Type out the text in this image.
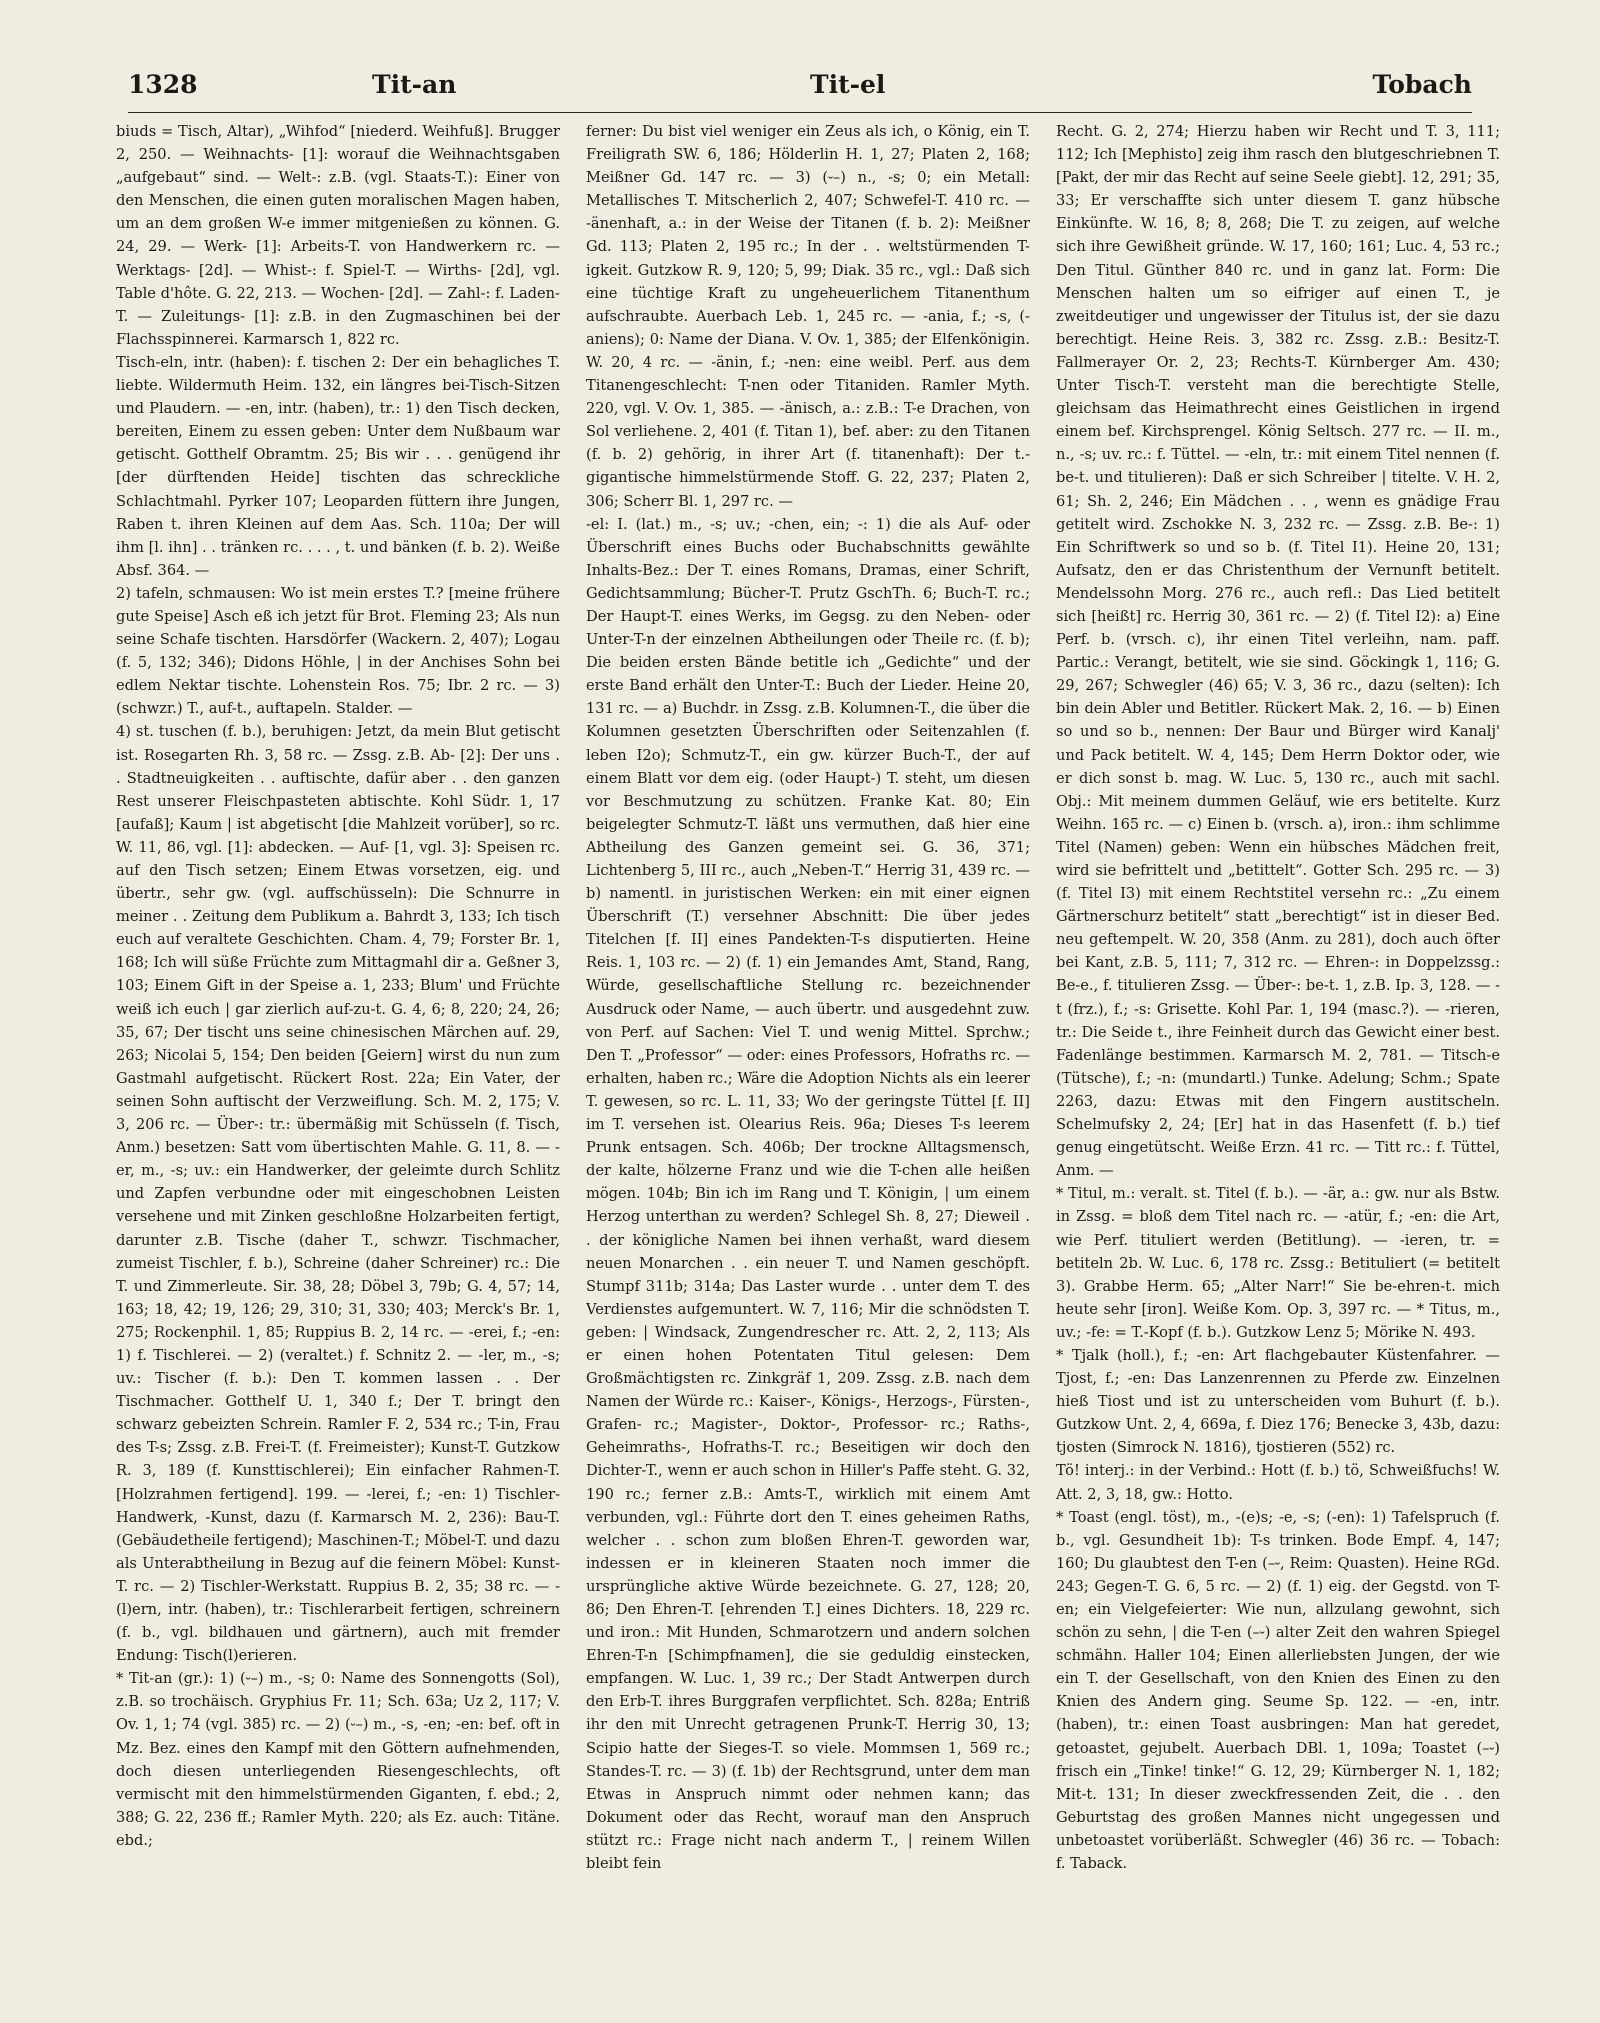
1328	Tit-an	Tit-el	Tobach

biuds = Tisch, Altar), „Wihfod“ [niederd. Weihfuß]. Brugger 2, 250. — Weihnachts- [1]: worauf die Weihnachtsgaben „aufgebaut“ sind. — Welt-: z.B. (vgl. Staats-T.): Einer von den Menschen, die einen guten moralischen Magen haben, um an dem großen W-e immer mitgenießen zu können. G. 24, 29. — Werk- [1]: Arbeits-T. von Handwerkern rc. — Werktags- [2d]. — Whist-: f. Spiel-T. — Wirths- [2d], vgl. Table d'hôte. G. 22, 213. — Wochen- [2d]. — Zahl-: f. Laden-T. — Zuleitungs- [1]: z.B. in den Zugmaschinen bei der Flachsspinnerei. Karmarsch 1, 822 rc.

Tisch-eln, intr. (haben): f. tischen 2: Der ein behagliches T. liebte. Wildermuth Heim. 132, ein längres bei-Tisch-Sitzen und Plaudern. — -en, intr. (haben), tr.: 1) den Tisch decken, bereiten, Einem zu essen geben: Unter dem Nußbaum war getischt. Gotthelf Obramtm. 25; Bis wir . . . genügend ihr [der dürftenden Heide] tischten das schreckliche Schlachtmahl. Pyrker 107; Leoparden füttern ihre Jungen, Raben t. ihren Kleinen auf dem Aas. Sch. 110a; Der will ihm [l. ihn] . . tränken rc. . . . , t. und bänken (f. b. 2). Weiße Absf. 364. —

2) tafeln, schmausen: Wo ist mein erstes T.? [meine frühere gute Speise] Asch eß ich jetzt für Brot. Fleming 23; Als nun seine Schafe tischten. Harsdörfer (Wackern. 2, 407); Logau (f. 5, 132; 346); Didons Höhle, | in der Anchises Sohn bei edlem Nektar tischte. Lohenstein Ros. 75; Ibr. 2 rc. — 3) (schwzr.) T., auf-t., auftapeln. Stalder. —

4) st. tuschen (f. b.), beruhigen: Jetzt, da mein Blut getischt ist. Rosegarten Rh. 3, 58 rc. — Zssg. z.B. Ab- [2]: Der uns . . Stadtneuigkeiten . . auftischte, dafür aber . . den ganzen Rest unserer Fleischpasteten abtischte. Kohl Südr. 1, 17 [aufaß]; Kaum | ist abgetischt [die Mahlzeit vorüber], so rc. W. 11, 86, vgl. [1]: abdecken. — Auf- [1, vgl. 3]: Speisen rc. auf den Tisch setzen; Einem Etwas vorsetzen, eig. und übertr., sehr gw. (vgl. auffschüsseln): Die Schnurre in meiner . . Zeitung dem Publikum a. Bahrdt 3, 133; Ich tisch euch auf veraltete Geschichten. Cham. 4, 79; Forster Br. 1, 168; Ich will süße Früchte zum Mittagmahl dir a. Geßner 3, 103; Einem Gift in der Speise a. 1, 233; Blum' und Früchte weiß ich euch | gar zierlich auf-zu-t. G. 4, 6; 8, 220; 24, 26; 35, 67; Der tischt uns seine chinesischen Märchen auf. 29, 263; Nicolai 5, 154; Den beiden [Geiern] wirst du nun zum Gastmahl aufgetischt. Rückert Rost. 22a; Ein Vater, der seinen Sohn auftischt der Verzweiflung. Sch. M. 2, 175; V. 3, 206 rc. — Über-: tr.: übermäßig mit Schüsseln (f. Tisch, Anm.) besetzen: Satt vom übertischten Mahle. G. 11, 8. — -er, m., -s; uv.: ein Handwerker, der geleimte durch Schlitz und Zapfen verbundne oder mit eingeschobnen Leisten versehene und mit Zinken geschloßne Holzarbeiten fertigt, darunter z.B. Tische (daher T., schwzr. Tischmacher, zumeist Tischler, f. b.), Schreine (daher Schreiner) rc.: Die T. und Zimmerleute. Sir. 38, 28; Döbel 3, 79b; G. 4, 57; 14, 163; 18, 42; 19, 126; 29, 310; 31, 330; 403; Merck's Br. 1, 275; Rockenphil. 1, 85; Ruppius B. 2, 14 rc. — -erei, f.; -en: 1) f. Tischlerei. — 2) (veraltet.) f. Schnitz 2. — -ler, m., -s; uv.: Tischer (f. b.): Den T. kommen lassen . . Der Tischmacher. Gotthelf U. 1, 340 f.; Der T. bringt den schwarz gebeizten Schrein. Ramler F. 2, 534 rc.; T-in, Frau des T-s; Zssg. z.B. Frei-T. (f. Freimeister); Kunst-T. Gutzkow R. 3, 189 (f. Kunsttischlerei); Ein einfacher Rahmen-T. [Holzrahmen fertigend]. 199. — -lerei, f.; -en: 1) Tischler-Handwerk, -Kunst, dazu (f. Karmarsch M. 2, 236): Bau-T. (Gebäudetheile fertigend); Maschinen-T.; Möbel-T. und dazu als Unterabtheilung in Bezug auf die feinern Möbel: Kunst-T. rc. — 2) Tischler-Werkstatt. Ruppius B. 2, 35; 38 rc. — -(l)ern, intr. (haben), tr.: Tischlerarbeit fertigen, schreinern (f. b., vgl. bildhauen und gärtnern), auch mit fremder Endung: Tisch(l)erieren.

* Tit-an (gr.): 1) (⏑–) m., -s; 0: Name des Sonnengotts (Sol), z.B. so trochäisch. Gryphius Fr. 11; Sch. 63a; Uz 2, 117; V. Ov. 1, 1; 74 (vgl. 385) rc. — 2) (⏑–) m., -s, -en; -en: bef. oft in Mz. Bez. eines den Kampf mit den Göttern aufnehmenden, doch diesen unterliegenden Riesengeschlechts, oft vermischt mit den himmelstürmenden Giganten, f. ebd.; 2, 388; G. 22, 236 ff.; Ramler Myth. 220; als Ez. auch: Titäne. ebd.;

ferner: Du bist viel weniger ein Zeus als ich, o König, ein T. Freiligrath SW. 6, 186; Hölderlin H. 1, 27; Platen 2, 168; Meißner Gd. 147 rc. — 3) (⏑–) n., -s; 0; ein Metall: Metallisches T. Mitscherlich 2, 407; Schwefel-T. 410 rc. — -änenhaft, a.: in der Weise der Titanen (f. b. 2): Meißner Gd. 113; Platen 2, 195 rc.; In der . . weltstürmenden T-igkeit. Gutzkow R. 9, 120; 5, 99; Diak. 35 rc., vgl.: Daß sich eine tüchtige Kraft zu ungeheuerlichem Titanenthum aufschraubte. Auerbach Leb. 1, 245 rc. — -ania, f.; -s, (-aniens); 0: Name der Diana. V. Ov. 1, 385; der Elfenkönigin. W. 20, 4 rc. — -änin, f.; -nen: eine weibl. Perf. aus dem Titanengeschlecht: T-nen oder Titaniden. Ramler Myth. 220, vgl. V. Ov. 1, 385. — -änisch, a.: z.B.: T-e Drachen, von Sol verliehene. 2, 401 (f. Titan 1), bef. aber: zu den Titanen (f. b. 2) gehörig, in ihrer Art (f. titanenhaft): Der t.-gigantische himmelstürmende Stoff. G. 22, 237; Platen 2, 306; Scherr Bl. 1, 297 rc. —

-el: I. (lat.) m., -s; uv.; -chen, ein; -: 1) die als Auf- oder Überschrift eines Buchs oder Buchabschnitts gewählte Inhalts-Bez.: Der T. eines Romans, Dramas, einer Schrift, Gedichtsammlung; Bücher-T. Prutz GschTh. 6; Buch-T. rc.; Der Haupt-T. eines Werks, im Gegsg. zu den Neben- oder Unter-T-n der einzelnen Abtheilungen oder Theile rc. (f. b); Die beiden ersten Bände betitle ich „Gedichte“ und der erste Band erhält den Unter-T.: Buch der Lieder. Heine 20, 131 rc. — a) Buchdr. in Zssg. z.B. Kolumnen-T., die über die Kolumnen gesetzten Überschriften oder Seitenzahlen (f. leben I2o); Schmutz-T., ein gw. kürzer Buch-T., der auf einem Blatt vor dem eig. (oder Haupt-) T. steht, um diesen vor Beschmutzung zu schützen. Franke Kat. 80; Ein beigelegter Schmutz-T. läßt uns vermuthen, daß hier eine Abtheilung des Ganzen gemeint sei. G. 36, 371; Lichtenberg 5, III rc., auch „Neben-T.“ Herrig 31, 439 rc. — b) namentl. in juristischen Werken: ein mit einer eignen Überschrift (T.) versehner Abschnitt: Die über jedes Titelchen [f. II] eines Pandekten-T-s disputierten. Heine Reis. 1, 103 rc. — 2) (f. 1) ein Jemandes Amt, Stand, Rang, Würde, gesellschaftliche Stellung rc. bezeichnender Ausdruck oder Name, — auch übertr. und ausgedehnt zuw. von Perf. auf Sachen: Viel T. und wenig Mittel. Sprchw.; Den T. „Professor“ — oder: eines Professors, Hofraths rc. — erhalten, haben rc.; Wäre die Adoption Nichts als ein leerer T. gewesen, so rc. L. 11, 33; Wo der geringste Tüttel [f. II] im T. versehen ist. Olearius Reis. 96a; Dieses T-s leerem Prunk entsagen. Sch. 406b; Der trockne Alltagsmensch, der kalte, hölzerne Franz und wie die T-chen alle heißen mögen. 104b; Bin ich im Rang und T. Königin, | um einem Herzog unterthan zu werden? Schlegel Sh. 8, 27; Dieweil . . der königliche Namen bei ihnen verhaßt, ward diesem neuen Monarchen . . ein neuer T. und Namen geschöpft. Stumpf 311b; 314a; Das Laster wurde . . unter dem T. des Verdienstes aufgemuntert. W. 7, 116; Mir die schnödsten T. geben: | Windsack, Zungendrescher rc. Att. 2, 2, 113; Als er einen hohen Potentaten Titul gelesen: Dem Großmächtigsten rc. Zinkgräf 1, 209. Zssg. z.B. nach dem Namen der Würde rc.: Kaiser-, Königs-, Herzogs-, Fürsten-, Grafen- rc.; Magister-, Doktor-, Professor- rc.; Raths-, Geheimraths-, Hofraths-T. rc.; Beseitigen wir doch den Dichter-T., wenn er auch schon in Hiller's Paffe steht. G. 32, 190 rc.; ferner z.B.: Amts-T., wirklich mit einem Amt verbunden, vgl.: Führte dort den T. eines geheimen Raths, welcher . . schon zum bloßen Ehren-T. geworden war, indessen er in kleineren Staaten noch immer die ursprüngliche aktive Würde bezeichnete. G. 27, 128; 20, 86; Den Ehren-T. [ehrenden T.] eines Dichters. 18, 229 rc. und iron.: Mit Hunden, Schmarotzern und andern solchen Ehren-T-n [Schimpfnamen], die sie geduldig einstecken, empfangen. W. Luc. 1, 39 rc.; Der Stadt Antwerpen durch den Erb-T. ihres Burggrafen verpflichtet. Sch. 828a; Entriß ihr den mit Unrecht getragenen Prunk-T. Herrig 30, 13; Scipio hatte der Sieges-T. so viele. Mommsen 1, 569 rc.; Standes-T. rc. — 3) (f. 1b) der Rechtsgrund, unter dem man Etwas in Anspruch nimmt oder nehmen kann; das Dokument oder das Recht, worauf man den Anspruch stützt rc.: Frage nicht nach anderm T., | reinem Willen bleibt fein

Recht. G. 2, 274; Hierzu haben wir Recht und T. 3, 111; 112; Ich [Mephisto] zeig ihm rasch den blutgeschriebnen T. [Pakt, der mir das Recht auf seine Seele giebt]. 12, 291; 35, 33; Er verschaffte sich unter diesem T. ganz hübsche Einkünfte. W. 16, 8; 8, 268; Die T. zu zeigen, auf welche sich ihre Gewißheit gründe. W. 17, 160; 161; Luc. 4, 53 rc.; Den Titul. Günther 840 rc. und in ganz lat. Form: Die Menschen halten um so eifriger auf einen T., je zweitdeutiger und ungewisser der Titulus ist, der sie dazu berechtigt. Heine Reis. 3, 382 rc. Zssg. z.B.: Besitz-T. Fallmerayer Or. 2, 23; Rechts-T. Kürnberger Am. 430; Unter Tisch-T. versteht man die berechtigte Stelle, gleichsam das Heimathrecht eines Geistlichen in irgend einem bef. Kirchsprengel. König Seltsch. 277 rc. — II. m., n., -s; uv. rc.: f. Tüttel. — -eln, tr.: mit einem Titel nennen (f. be-t. und titulieren): Daß er sich Schreiber | titelte. V. H. 2, 61; Sh. 2, 246; Ein Mädchen . . , wenn es gnädige Frau getitelt wird. Zschokke N. 3, 232 rc. — Zssg. z.B. Be-: 1) Ein Schriftwerk so und so b. (f. Titel I1). Heine 20, 131; Aufsatz, den er das Christenthum der Vernunft betitelt. Mendelssohn Morg. 276 rc., auch refl.: Das Lied betitelt sich [heißt] rc. Herrig 30, 361 rc. — 2) (f. Titel I2): a) Eine Perf. b. (vrsch. c), ihr einen Titel verleihn, nam. paff. Partic.: Verangt, betitelt, wie sie sind. Göckingk 1, 116; G. 29, 267; Schwegler (46) 65; V. 3, 36 rc., dazu (selten): Ich bin dein Abler und Betitler. Rückert Mak. 2, 16. — b) Einen so und so b., nennen: Der Baur und Bürger wird Kanalj' und Pack betitelt. W. 4, 145; Dem Herrn Doktor oder, wie er dich sonst b. mag. W. Luc. 5, 130 rc., auch mit sachl. Obj.: Mit meinem dummen Geläuf, wie ers betitelte. Kurz Weihn. 165 rc. — c) Einen b. (vrsch. a), iron.: ihm schlimme Titel (Namen) geben: Wenn ein hübsches Mädchen freit, wird sie befrittelt und „betittelt“. Gotter Sch. 295 rc. — 3) (f. Titel I3) mit einem Rechtstitel versehn rc.: „Zu einem Gärtnerschurz betitelt“ statt „berechtigt“ ist in dieser Bed. neu geftempelt. W. 20, 358 (Anm. zu 281), doch auch öfter bei Kant, z.B. 5, 111; 7, 312 rc. — Ehren-: in Doppelzssg.: Be-e., f. titulieren Zssg. — Über-: be-t. 1, z.B. Ip. 3, 128. — -t (frz.), f.; -s: Grisette. Kohl Par. 1, 194 (masc.?). — -rieren, tr.: Die Seide t., ihre Feinheit durch das Gewicht einer best. Fadenlänge bestimmen. Karmarsch M. 2, 781. — Titsch-e (Tütsche), f.; -n: (mundartl.) Tunke. Adelung; Schm.; Spate 2263, dazu: Etwas mit den Fingern austitscheln. Schelmufsky 2, 24; [Er] hat in das Hasenfett (f. b.) tief genug eingetütscht. Weiße Erzn. 41 rc. — Titt rc.: f. Tüttel, Anm. —

* Titul, m.: veralt. st. Titel (f. b.). — -är, a.: gw. nur als Bstw. in Zssg. = bloß dem Titel nach rc. — -atür, f.; -en: die Art, wie Perf. tituliert werden (Betitlung). — -ieren, tr. = betiteln 2b. W. Luc. 6, 178 rc. Zssg.: Betituliert (= betitelt 3). Grabbe Herm. 65; „Alter Narr!“ Sie be-ehren-t. mich heute sehr [iron]. Weiße Kom. Op. 3, 397 rc. — * Titus, m., uv.; -fe: = T.-Kopf (f. b.). Gutzkow Lenz 5; Mörike N. 493.

* Tjalk (holl.), f.; -en: Art flachgebauter Küstenfahrer. — Tjost, f.; -en: Das Lanzenrennen zu Pferde zw. Einzelnen hieß Tiost und ist zu unterscheiden vom Buhurt (f. b.). Gutzkow Unt. 2, 4, 669a, f. Diez 176; Benecke 3, 43b, dazu: tjosten (Simrock N. 1816), tjostieren (552) rc.

Tö! interj.: in der Verbind.: Hott (f. b.) tö, Schweißfuchs! W. Att. 2, 3, 18, gw.: Hotto.

* Toast (engl. töst), m., -(e)s; -e, -s; (-en): 1) Tafelspruch (f. b., vgl. Gesundheit 1b): T-s trinken. Bode Empf. 4, 147; 160; Du glaubtest den T-en (–⏑, Reim: Quasten). Heine RGd. 243; Gegen-T. G. 6, 5 rc. — 2) (f. 1) eig. der Gegstd. von T-en; ein Vielgefeierter: Wie nun, allzulang gewohnt, sich schön zu sehn, | die T-en (–⏑) alter Zeit den wahren Spiegel schmähn. Haller 104; Einen allerliebsten Jungen, der wie ein T. der Gesellschaft, von den Knien des Einen zu den Knien des Andern ging. Seume Sp. 122. — -en, intr. (haben), tr.: einen Toast ausbringen: Man hat geredet, getoastet, gejubelt. Auerbach DBl. 1, 109a; Toastet (–⏑) frisch ein „Tinke! tinke!“ G. 12, 29; Kürnberger N. 1, 182; Mit-t. 131; In dieser zweckfressenden Zeit, die . . den Geburtstag des großen Mannes nicht ungegessen und unbetoastet vorüberläßt. Schwegler (46) 36 rc. — Tobach: f. Taback.
